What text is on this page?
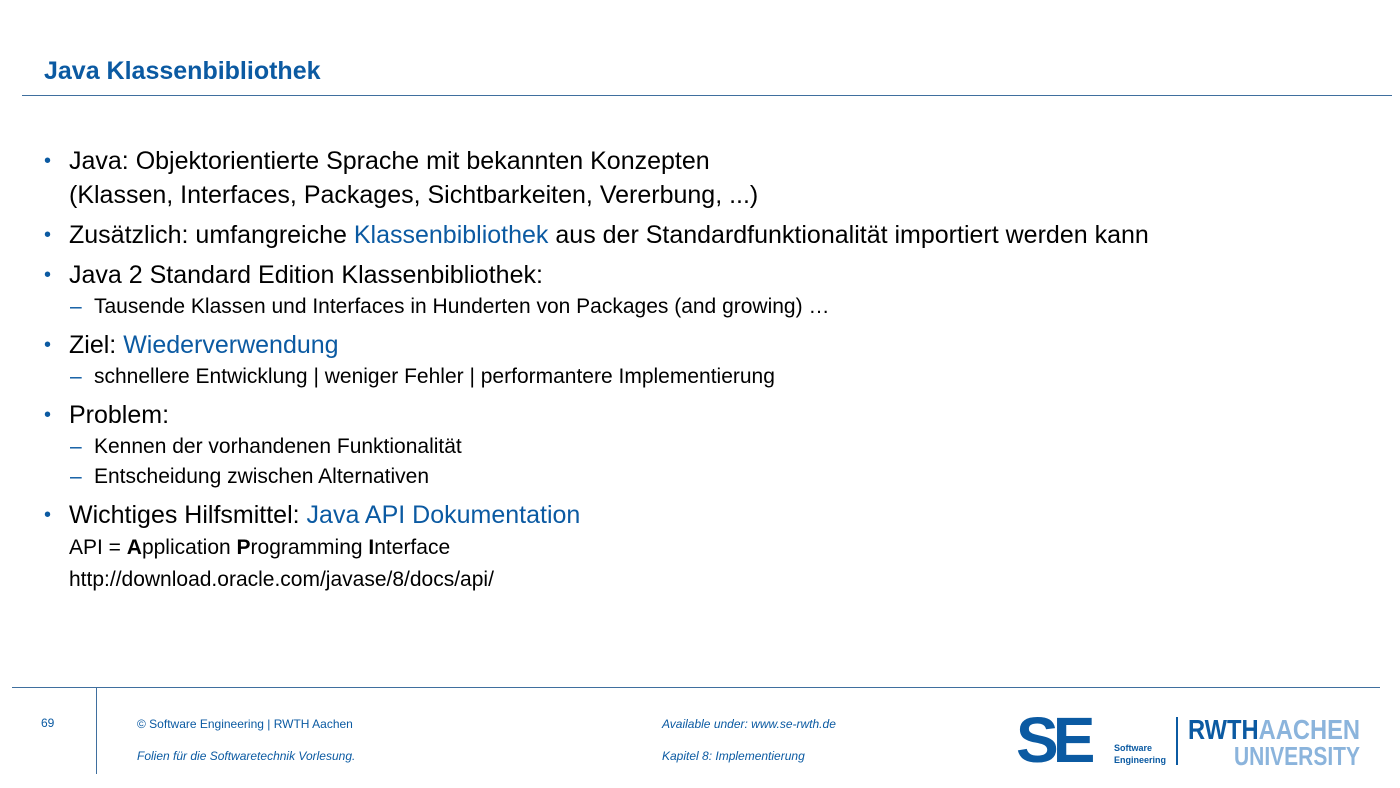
Java Klassenbibliothek
• Java: Objektorientierte Sprache mit bekannten Konzepten
(Klassen, Interfaces, Packages, Sichtbarkeiten, Vererbung, ...)
• Zusätzlich: umfangreiche Klassenbibliothek aus der Standardfunktionalität importiert werden kann
• Java 2 Standard Edition Klassenbibliothek:
– Tausende Klassen und Interfaces in Hunderten von Packages (and growing) …
• Ziel: Wiederverwendung
– schnellere Entwicklung | weniger Fehler | performantere Implementierung
• Problem:
– Kennen der vorhandenen Funktionalität
– Entscheidung zwischen Alternativen
• Wichtiges Hilfsmittel: Java API Dokumentation
API = Application Programming Interface
http://download.oracle.com/javase/8/docs/api/
69	© Software Engineering | RWTH Aachen
Folien für die Softwaretechnik Vorlesung.
Available under: www.se-rwth.de
Kapitel 8: Implementierung	SE	Software
Engineering
RWTHAACHEN
UNIVERSITY
